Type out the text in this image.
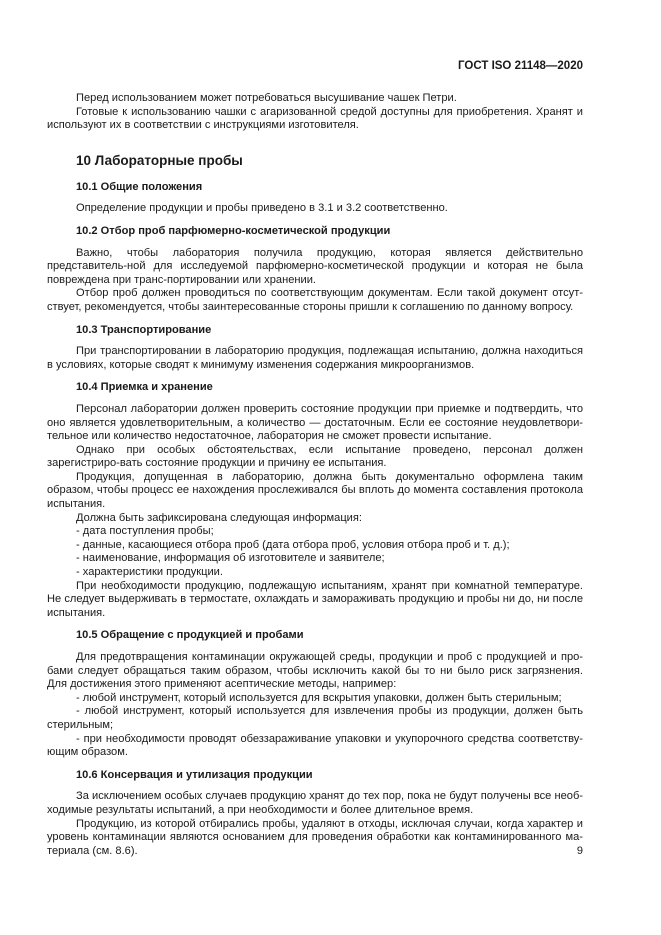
ГОСТ ISO 21148—2020

Перед использованием может потребоваться высушивание чашек Петри.

Готовые к использованию чашки с агаризованной средой доступны для приобретения. Хранят и используют их в соответствии с инструкциями изготовителя.

10 Лабораторные пробы
10.1 Общие положения

Определение продукции и пробы приведено в 3.1 и 3.2 соответственно.

10.2 Отбор проб парфюмерно-косметической продукции

Важно, чтобы лаборатория получила продукцию, которая является действительно представитель-ной для исследуемой парфюмерно-косметической продукции и которая не была повреждена при транс-портировании или хранении.

Отбор проб должен проводиться по соответствующим документам. Если такой документ отсут-ствует, рекомендуется, чтобы заинтересованные стороны пришли к соглашению по данному вопросу.

10.3 Транспортирование

При транспортировании в лабораторию продукция, подлежащая испытанию, должна находиться в условиях, которые сводят к минимуму изменения содержания микроорганизмов.

10.4 Приемка и хранение

Персонал лаборатории должен проверить состояние продукции при приемке и подтвердить, что оно является удовлетворительным, а количество — достаточным. Если ее состояние неудовлетвори-тельное или количество недостаточное, лаборатория не сможет провести испытание.

Однако при особых обстоятельствах, если испытание проведено, персонал должен зарегистриро-вать состояние продукции и причину ее испытания.

Продукция, допущенная в лабораторию, должна быть документально оформлена таким образом, чтобы процесс ее нахождения прослеживался бы вплоть до момента составления протокола испытания.

Должна быть зафиксирована следующая информация:

- дата поступления пробы;

- данные, касающиеся отбора проб (дата отбора проб, условия отбора проб и т. д.);

- наименование, информация об изготовителе и заявителе;

- характеристики продукции.

При необходимости продукцию, подлежащую испытаниям, хранят при комнатной температуре. Не следует выдерживать в термостате, охлаждать и замораживать продукцию и пробы ни до, ни после испытания.

10.5 Обращение с продукцией и пробами

Для предотвращения контаминации окружающей среды, продукции и проб с продукцией и про-бами следует обращаться таким образом, чтобы исключить какой бы то ни было риск загрязнения. Для достижения этого применяют асептические методы, например:

- любой инструмент, который используется для вскрытия упаковки, должен быть стерильным;

- любой инструмент, который используется для извлечения пробы из продукции, должен быть стерильным;

- при необходимости проводят обеззараживание упаковки и укупорочного средства соответству-ющим образом.

10.6 Консервация и утилизация продукции

За исключением особых случаев продукцию хранят до тех пор, пока не будут получены все необ-ходимые результаты испытаний, а при необходимости и более длительное время.

Продукцию, из которой отбирались пробы, удаляют в отходы, исключая случаи, когда характер и уровень контаминации являются основанием для проведения обработки как контаминированного ма-териала (см. 8.6).	9
